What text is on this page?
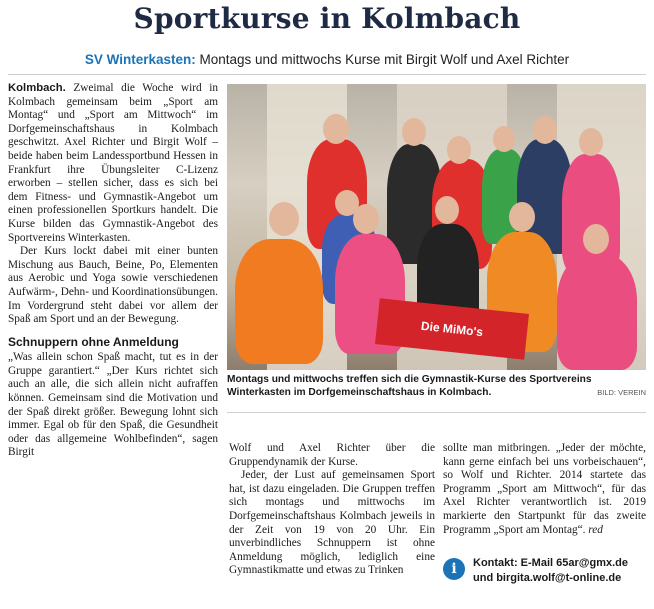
Sportkurse in Kolmbach
SV Winterkasten: Montags und mittwochs Kurse mit Birgit Wolf und Axel Richter

Kolmbach. Zweimal die Woche wird in Kolmbach gemeinsam beim „Sport am Montag“ und „Sport am Mittwoch“ im Dorfgemeinschaftshaus in Kolmbach geschwitzt. Axel Richter und Birgit Wolf – beide haben beim Landessportbund Hessen in Frankfurt ihre Übungsleiter C-Lizenz erworben – stellen sicher, dass es sich bei dem Fitness- und Gymnastik-Angebot um einen professionellen Sportkurs handelt. Die Kurse bilden das Gymnastik-Angebot des Sportvereins Winterkasten.

Der Kurs lockt dabei mit einer bunten Mischung aus Bauch, Beine, Po, Elementen aus Aerobic und Yoga sowie verschiedenen Aufwärm-, Dehn- und Koordinationsübungen. Im Vordergrund steht dabei vor allem der Spaß am Sport und an der Bewegung.

Schnuppern ohne Anmeldung

„Was allein schon Spaß macht, tut es in der Gruppe garantiert.“ „Der Kurs richtet sich auch an alle, die sich allein nicht aufraffen können. Gemeinsam sind die Motivation und der Spaß direkt größer. Bewegung lohnt sich immer. Egal ob für den Spaß, die Gesundheit oder das allgemeine Wohlbefinden“, sagen Birgit

Die MiMo's
Montags und mittwochs treffen sich die Gymnastik-Kurse des Sportvereins Winterkasten im Dorfgemeinschaftshaus in Kolmbach.	BILD: VEREIN

Wolf und Axel Richter über die Gruppendynamik der Kurse.

Jeder, der Lust auf gemeinsamen Sport hat, ist dazu eingeladen. Die Gruppen treffen sich montags und mittwochs im Dorfgemeinschaftshaus Kolmbach jeweils in der Zeit von 19 von 20 Uhr. Ein unverbindliches Schnuppern ist ohne Anmeldung möglich, lediglich eine Gymnastikmatte und etwas zu Trinken

sollte man mitbringen. „Jeder der möchte, kann gerne einfach bei uns vorbeischauen“, so Wolf und Richter. 2014 startete das Programm „Sport am Mittwoch“, für das Axel Richter verantwortlich ist. 2019 markierte den Startpunkt für das zweite Programm „Sport am Montag“. red

i	Kontakt: E-Mail 65ar@gmx.de
und birgita.wolf@t-online.de
